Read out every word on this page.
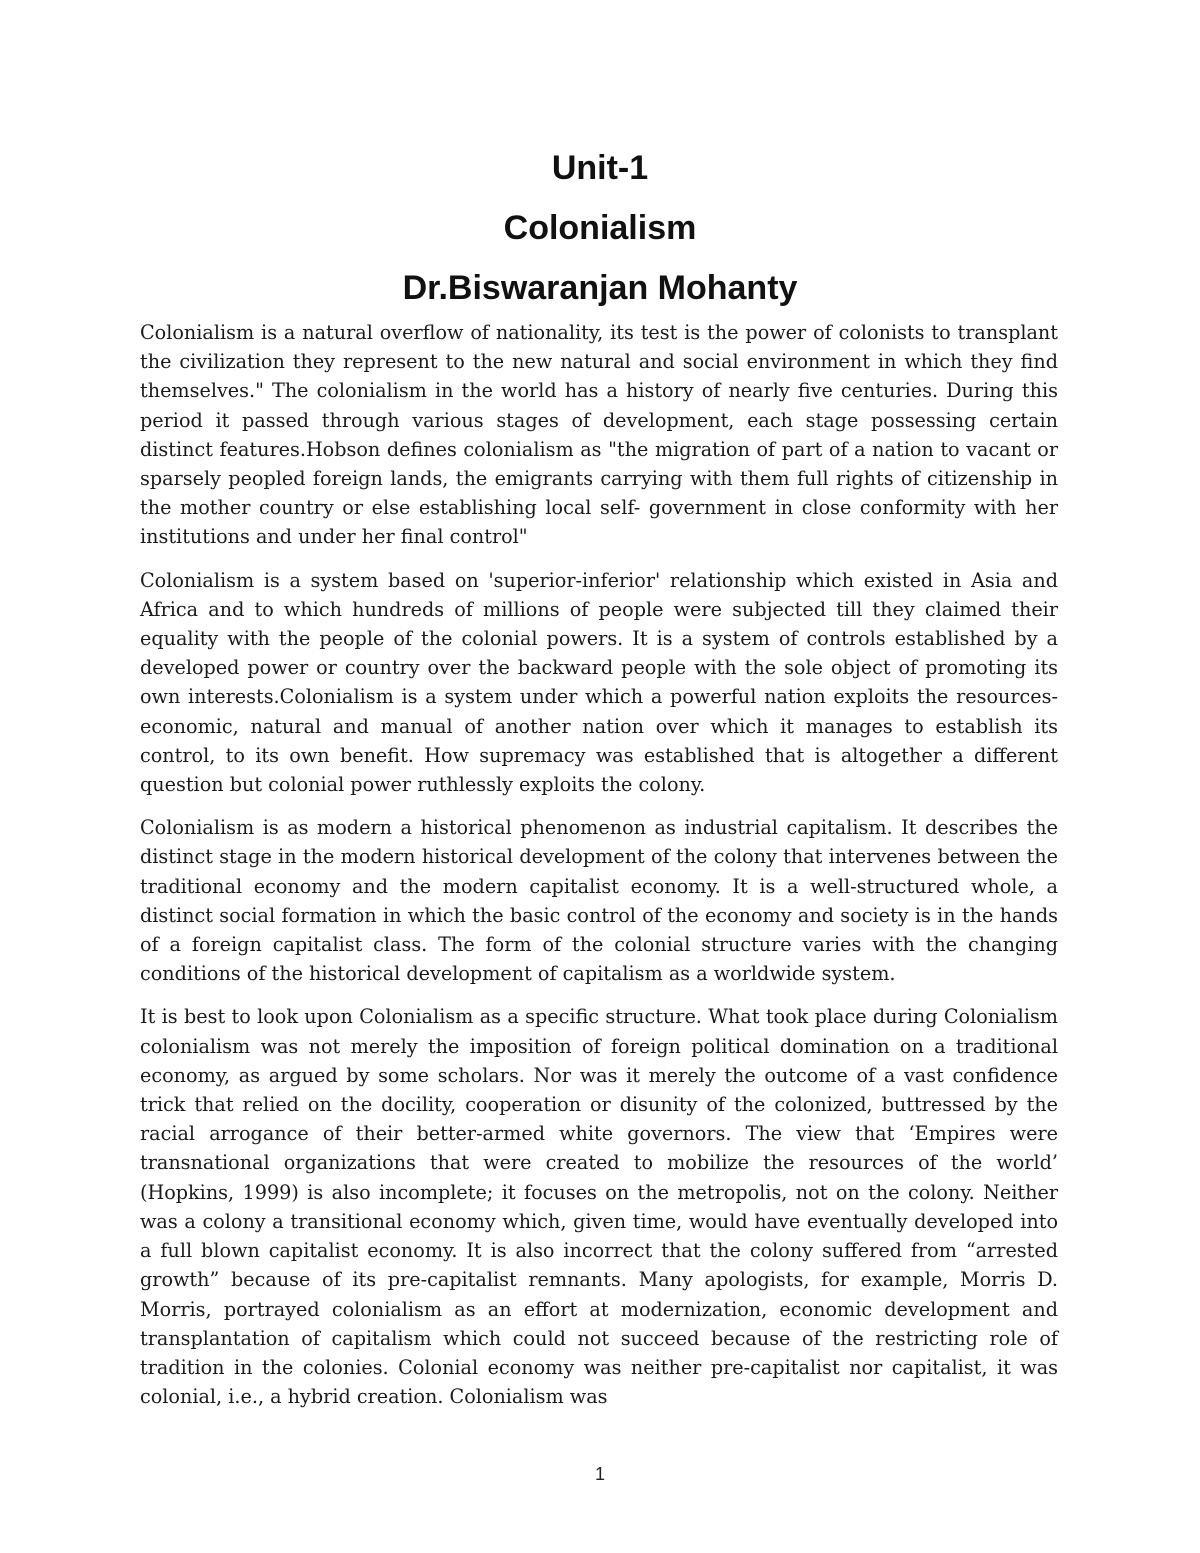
Unit-1
Colonialism
Dr.Biswaranjan Mohanty

Colonialism is a natural overflow of nationality, its test is the power of colonists to transplant the civilization they represent to the new natural and social environment in which they find themselves." The colonialism in the world has a history of nearly five centuries. During this period it passed through various stages of development, each stage possessing certain distinct features.Hobson defines colonialism as "the migration of part of a nation to vacant or sparsely peopled foreign lands, the emigrants carrying with them full rights of citizenship in the mother country or else establishing local self- government in close conformity with her institutions and under her final control"

Colonialism is a system based on 'superior-inferior' relationship which existed in Asia and Africa and to which hundreds of millions of people were subjected till they claimed their equality with the people of the colonial powers. It is a system of controls established by a developed power or country over the backward people with the sole object of promoting its own interests.Colonialism is a system under which a powerful nation exploits the resources-economic, natural and manual of another nation over which it manages to establish its control, to its own benefit. How supremacy was established that is altogether a different question but colonial power ruthlessly exploits the colony.

Colonialism is as modern a historical phenomenon as industrial capitalism. It describes the distinct stage in the modern historical development of the colony that intervenes between the traditional economy and the modern capitalist economy. It is a well-structured whole, a distinct social formation in which the basic control of the economy and society is in the hands of a foreign capitalist class. The form of the colonial structure varies with the changing conditions of the historical development of capitalism as a worldwide system.

It is best to look upon Colonialism as a specific structure. What took place during Colonialism colonialism was not merely the imposition of foreign political domination on a traditional economy, as argued by some scholars. Nor was it merely the outcome of a vast confidence trick that relied on the docility, cooperation or disunity of the colonized, buttressed by the racial arrogance of their better-armed white governors. The view that ‘Empires were transnational organizations that were created to mobilize the resources of the world’ (Hopkins, 1999) is also incomplete; it focuses on the metropolis, not on the colony. Neither was a colony a transitional economy which, given time, would have eventually developed into a full blown capitalist economy. It is also incorrect that the colony suffered from “arrested growth” because of its pre-capitalist remnants. Many apologists, for example, Morris D. Morris, portrayed colonialism as an effort at modernization, economic development and transplantation of capitalism which could not succeed because of the restricting role of tradition in the colonies. Colonial economy was neither pre-capitalist nor capitalist, it was colonial, i.e., a hybrid creation. Colonialism was

1
